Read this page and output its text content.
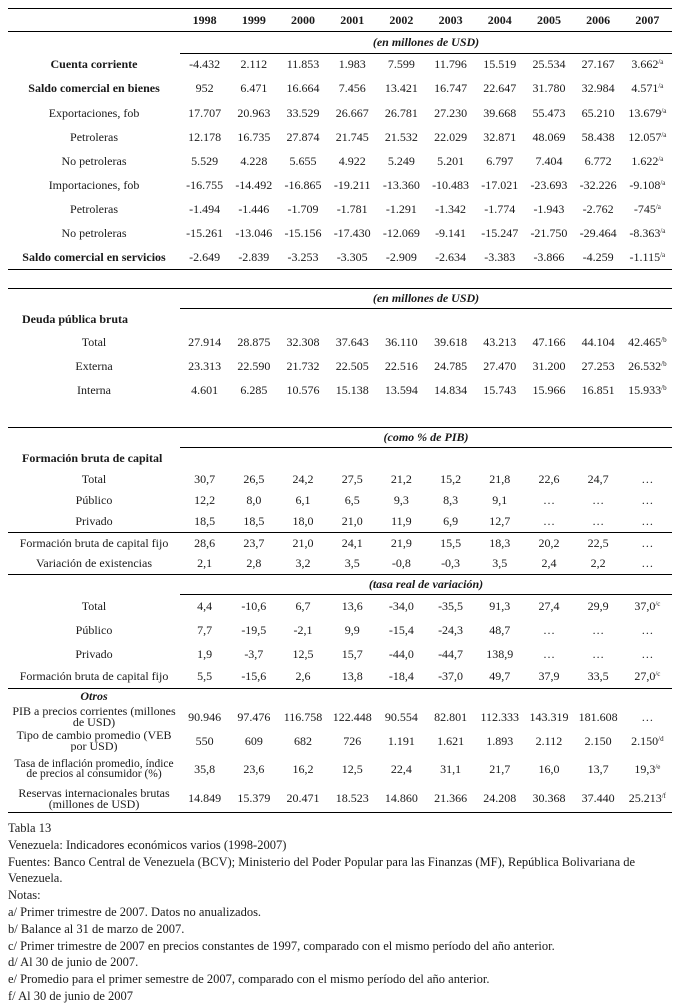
	1998	1999	2000	2001	2002	2003	2004	2005	2006	2007
	(en millones de USD)									
Cuenta corriente	-4.432	2.112	11.853	1.983	7.599	11.796	15.519	25.534	27.167	$3.662^{/a}$
Saldo comercial en bienes	952	6.471	16.664	7.456	13.421	16.747	22.647	31.780	32.984	$4.571^{/a}$
Exportaciones, fob	17.707	20.963	33.529	26.667	26.781	27.230	39.668	55.473	65.210	$13.679^{/a}$
Petroleras	12.178	16.735	27.874	21.745	21.532	22.029	32.871	48.069	58.438	$12.057^{/a}$
No petroleras	5.529	4.228	5.655	4.922	5.249	5.201	6.797	7.404	6.772	$1.622^{/a}$
Importaciones, fob	-16.755	-14.492	-16.865	-19.211	-13.360	-10.483	-17.021	-23.693	-32.226	$-9.108^{/a}$
Petroleras	-1.494	-1.446	-1.709	-1.781	-1.291	-1.342	-1.774	-1.943	-2.762	$-745^{/a}$
No petroleras	-15.261	-13.046	-15.156	-17.430	-12.069	-9.141	-15.247	-21.750	-29.464	$-8.363^{/a}$
Saldo comercial en servicios	-2.649	-2.839	-3.253	-3.305	-2.909	-2.634	-3.383	-3.866	-4.259	$-1.115^{/a}$

	(en millones de USD)									
Deuda pública bruta										
Total	27.914	28.875	32.308	37.643	36.110	39.618	43.213	47.166	44.104	$42.465^{/b}$
Externa	23.313	22.590	21.732	22.505	22.516	24.785	27.470	31.200	27.253	$26.532^{/b}$
Interna	4.601	6.285	10.576	15.138	13.594	14.834	15.743	15.966	16.851	$15.933^{/b}$

	(como % de PIB)									
Formación bruta de capital										
Total	30,7	26,5	24,2	27,5	21,2	15,2	21,8	22,6	24,7	…
Público	12,2	8,0	6,1	6,5	9,3	8,3	9,1	…	…	…
Privado	18,5	18,5	18,0	21,0	11,9	6,9	12,7	…	…	…
Formación bruta de capital fijo	28,6	23,7	21,0	24,1	21,9	15,5	18,3	20,2	22,5	…
Variación de existencias	2,1	2,8	3,2	3,5	-0,8	-0,3	3,5	2,4	2,2	…
	(tasa real de variación)									
Total	4,4	-10,6	6,7	13,6	-34,0	-35,5	91,3	27,4	29,9	$37,0^{/c}$
Público	7,7	-19,5	-2,1	9,9	-15,4	-24,3	48,7	…	…	…
Privado	1,9	-3,7	12,5	15,7	-44,0	-44,7	138,9	…	…	…
Formación bruta de capital fijo	5,5	-15,6	2,6	13,8	-18,4	-37,0	49,7	37,9	33,5	$27,0^{/c}$
Otros										
PIB a precios corrientes (millones de USD)	90.946	97.476	116.758	122.448	90.554	82.801	112.333	143.319	181.608	…
Tipo de cambio promedio (VEB por USD)	550	609	682	726	1.191	1.621	1.893	2.112	2.150	$2.150^{/d}$
Tasa de inflación promedio, índice de precios al consumidor (%)	35,8	23,6	16,2	12,5	22,4	31,1	21,7	16,0	13,7	$19,3^{/e}$
Reservas internacionales brutas (millones de USD)	14.849	15.379	20.471	18.523	14.860	21.366	24.208	30.368	37.440	$25.213^{/f}$
Tabla 13
Venezuela: Indicadores económicos varios (1998-2007)
Fuentes: Banco Central de Venezuela (BCV); Ministerio del Poder Popular para las Finanzas (MF), República Bolivariana de Venezuela.
Notas:
a/ Primer trimestre de 2007. Datos no anualizados.
b/ Balance al 31 de marzo de 2007.
c/ Primer trimestre de 2007 en precios constantes de 1997, comparado con el mismo período del año anterior.
d/ Al 30 de junio de 2007.
e/ Promedio para el primer semestre de 2007, comparado con el mismo período del año anterior.
f/ Al 30 de junio de 2007
